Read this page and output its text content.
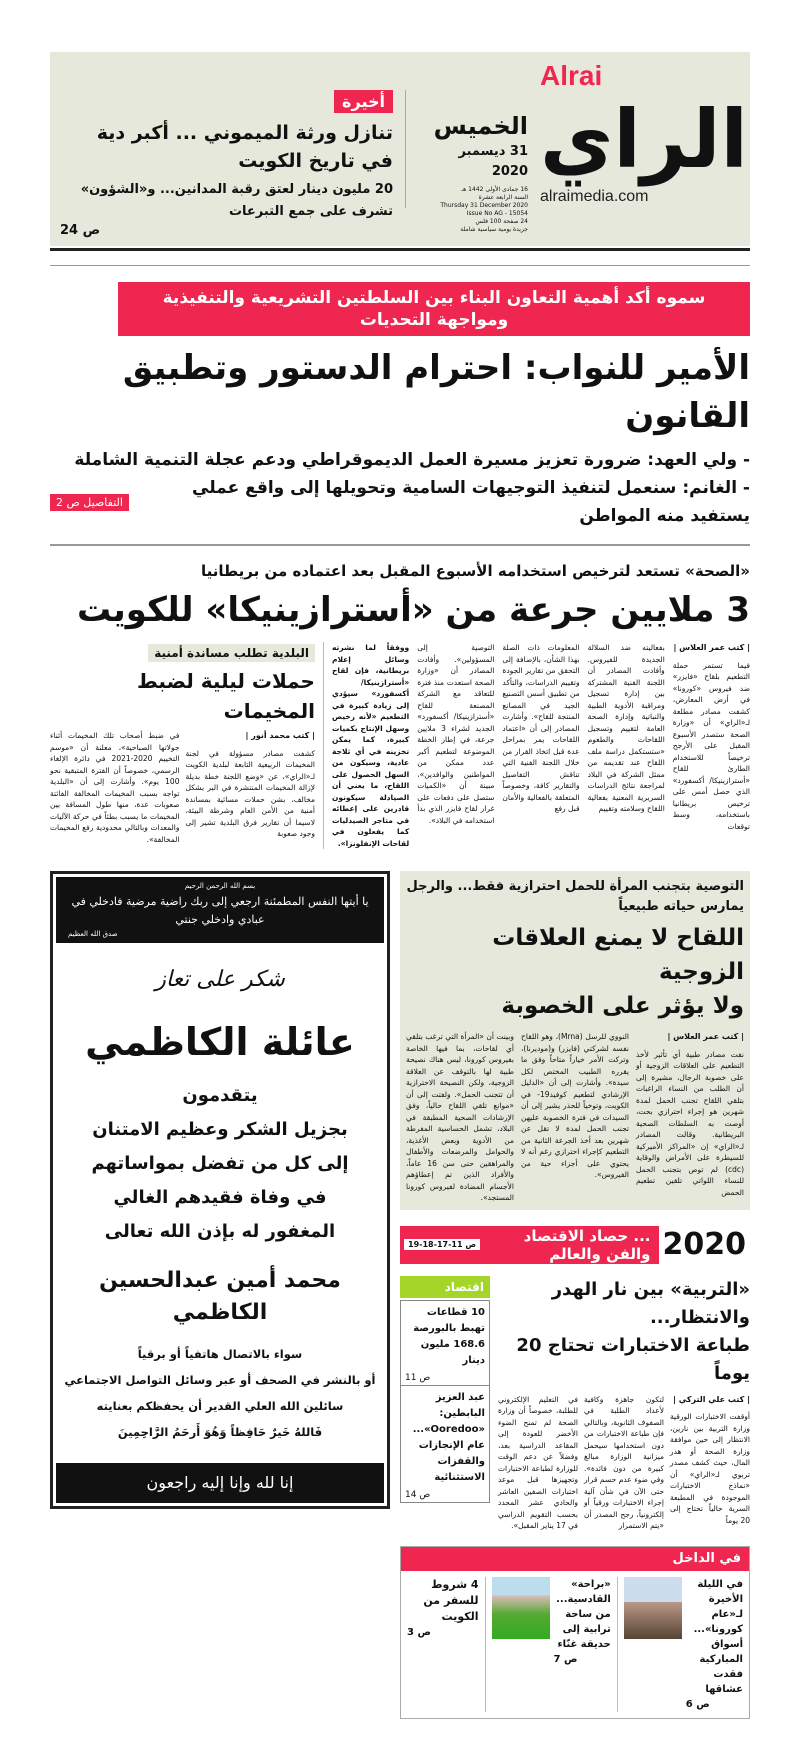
Alrai
الراي
alraimedia.com
الخميس
31 ديسمبر 2020
16 جمادى الأولى 1442 هـ
السنة الرابعة عشرة
Thursday 31 December 2020
Issue No AG - 15054
24 صفحة 100 فلس
جريدة يومية سياسية شاملة
أخيرة
تنازل ورثة الميموني ... أكبر دية في تاريخ الكويت
20 مليون دينار لعتق رقبة المدانين... و«الشؤون» تشرف على جمع التبرعات
ص 24
سموه أكد أهمية التعاون البناء بين السلطتين التشريعية والتنفيذية ومواجهة التحديات
الأمير للنواب: احترام الدستور وتطبيق القانون
- ولي العهد: ضرورة تعزيز مسيرة العمل الديموقراطي ودعم عجلة التنمية الشاملة
- الغانم: سنعمل لتنفيذ التوجيهات السامية وتحويلها إلى واقع عملي يستفيد منه المواطن
التفاصيل ص 2
«الصحة» تستعد لترخيص استخدامه الأسبوع المقبل بعد اعتماده من بريطانيا
3 ملايين جرعة من «أسترازينيكا» للكويت
| كتب عمر العلاس |
فيما تستمر حملة التطعيم بلقاح «فايزر» ضد فيروس «كورونا» في أرض المعارض، كشفت مصادر مطلعة لـ«الراي» أن «وزارة الصحة ستصدر الأسبوع المقبل على الأرجح ترخيصاً للاستخدام الطارئ للقاح «أسترازينيكا/ أكسفورد» الذي حصل أمس على ترخيص بريطانيا باستخدامه، وسط توقعات
بفعاليته ضد السلالة الجديدة للفيروس. وأفادت المصادر أن اللجنة الفنية المشتركة بين إدارة تسجيل ومراقبة الأدوية الطبية والنباتية وإدارة الصحة العامة لتقييم وتسجيل اللقاحات والطعوم «ستستكمل دراسة ملف اللقاح عند تقديمه من ممثل الشركة في البلاد لمراجعة نتائج الدراسات السريرية المعنية بفعالية اللقاح وسلامته وتقييم
المعلومات ذات الصلة بهذا الشأن، بالإضافة إلى التحقق من تقارير الجودة وتقييم الدراسات، والتأكد من تطبيق أسس التصنيع الجيد في المصانع المنتجة للقاح». وأشارت المصادر إلى أن «اعتماد اللقاحات يمر بمراحل عدة قبل اتخاذ القرار من خلال اللجنة الفنية التي تناقش التفاصيل والتقارير كافة، وخصوصاً المتعلقة بالفعالية والأمان قبل رفع
التوصية إلى المسؤولين». وأفادت المصادر أن «وزارة الصحة استعدت منذ فترة للتعاقد مع الشركة المصنعة للقاح «أسترازينيكا/ أكسفورد» الجديد لشراء 3 ملايين جرعة، في إطار الخطة الموضوعة لتطعيم أكبر عدد ممكن من المواطنين والوافدين»، مبينة أن «الكميات ستصل على دفعات على غرار لقاح فايزر الذي بدأ استخدامه في البلاد».
ووفقاً لما نشرته وسائل إعلام بريطانية، فإن لقاح «أسترازينيكا/ أكسفورد» سيؤدي إلى زيادة كبيرة في التطعيم «لأنه رخيص وسهل الإنتاج بكميات كبيرة، كما يمكن تخزينه في أي ثلاجة عادية، وسيكون من السهل الحصول على اللقاح، ما يعني أن الصيادلة سيكونون قادرين على إعطائه في متاجر الصيدليات كما يفعلون في لقاحات الإنفلونزا».
البلدية تطلب مساندة أمنية
حملات ليلية لضبط المخيمات
| كتب محمد أنور |
كشفت مصادر مسؤولة في لجنة المخيمات الربيعية التابعة لبلدية الكويت لـ«الراي»، عن «وضع اللجنة خطة بديلة لإزالة المخيمات المنتشرة في البر بشكل مخالف، بشن حملات مسائية بمساندة أمنية من الأمن العام وشرطة البيئة، لاسيما أن تقارير فرق البلدية تشير إلى وجود صعوبة
في ضبط أصحاب تلك المخيمات أثناء جولاتها الصباحية»، معلنة أن «موسم التخييم 2020-2021 في دائرة الإلغاء الرسمي، خصوصاً أن الفترة المتبقية نحو 100 يوم». وأشارت إلى أن «البلدية تواجه بسبب المخيمات المخالفة الفائتة صعوبات عدة، منها طول المسافة بين المخيمات ما يسبب بطئاً في حركة الآليات والمعدات وبالتالي محدودية رفع المخيمات المخالفة».
التوصية بتجنب المرأة للحمل احترازية فقط... والرجل يمارس حياته طبيعياً
اللقاح لا يمنع العلاقات الزوجية
ولا يؤثر على الخصوبة
| كتب عمر العلاس |
نفت مصادر طبية أي تأثير لأخذ التطعيم على العلاقات الزوجية أو على خصوبة الرجال، مشيرة إلى أن الطلب من النساء الراغبات بتلقي اللقاح تجنب الحمل لمدة شهرين هو إجراء احترازي بحت، أوصت به السلطات الصحية البريطانية. وقالت المصادر لـ«الراي» إن «المراكز الأميركية للسيطرة على الأمراض والوقاية (cdc) لم توص بتجنب الحمل للنساء اللواتي تلقين تطعيم الحمض
النووي للرسل (Mrna)، وهو اللقاح نفسه لشركتي (فايزر) و(موديرنا)، وتركت الأمر خياراً متاحاً وفق ما يقرره الطبيب المختص لكل سيدة». وأشارت إلى أن «الدليل الإرشادي لتطعيم كوفيد19- في الكويت، وتوخياً للحذر يشير إلى أن السيدات في فترة الخصوبة عليهن تجنب الحمل لمدة لا تقل عن شهرين بعد أخذ الجرعة الثانية من التطعيم كإجراء احترازي رغم أنه لا يحتوي على أجزاء حية من الفيروس».
وبينت أن «المرأة التي ترغب بتلقي أي لقاحات، بما فيها الخاصة بفيروس كورونا، ليس هناك نصيحة طبية لها بالتوقف عن العلاقة الزوجية، ولكن النصيحة الاحترازية أن تتجنب الحمل». ولفتت إلى أن «موانع تلقي اللقاح حالياً، وفق الإرشادات الصحية المطبقة في البلاد، تشمل الحساسية المفرطة من الأدوية وبعض الأغذية، والحوامل والمرضعات والأطفال والمراهقين حتى سن 16 عاماً، والأفراد الذين تم إعطاؤهم الأجسام المضادة لفيروس كورونا المستجد».
2020
... حصاد الاقتصاد والفن والعالم
ص 11-17-18-19
«التربية» بين نار الهدر والانتظار...
طباعة الاختبارات تحتاج 20 يوماً
| كتب علي التركي |
أوقفت الاختبارات الورقية وزارة التربية بين نارين، الانتظار إلى حين موافقة وزارة الصحة أو هدر المال، حيث كشف مصدر تربوي لـ«الراي» أن «نماذج الاختبارات الموجودة في المطبعة السرية حالياً تحتاج إلى 20 يوماً
لتكون جاهزة وكافية لأعداد الطلبة في الصفوف الثانوية، وبالتالي فإن طباعة الاختبارات من دون استخدامها سيحمل ميزانية الوزارة مبالغ كبيرة من دون فائدة». وفي ضوء عدم حسم قرار حتى الآن في شأن آلية إجراء الاختبارات ورقياً أو إلكترونياً، رجح المصدر أن «يتم الاستمرار
في التعليم الإلكتروني للطلبة، خصوصاً أن وزارة الصحة لم تمنح الضوء الأخضر للعودة إلى المقاعد الدراسية بعد، وفضلاً عن دعم الوقت للوزارة لطباعة الاختبارات وتجهيزها قبل موعد اختبارات الصفين العاشر والحادي عشر المحدد بحسب التقويم الدراسي في 17 يناير المقبل».
اقتصاد
10 قطاعات تهبط بالبورصة 168.6 مليون دينار
ص 11
عبد العزيز البابطين: «Ooredoo»... عام الإنجازات والقفزات الاستثنائية
ص 14
في الداخل
في الليلة الأخيرة لـ«عام كورونا»... أسواق المباركية فقدت عشاقها
ص 6
«براحة» القادسية... من ساحة ترابية إلى حديقة غنّاء
ص 7
4 شروط للسفر من الكويت
ص 3
بسم الله الرحمن الرحيم
يا أيتها النفس المطمئنة ارجعي إلى ربك راضية مرضية فادخلي في عبادي وادخلي جنتي
صدق الله العظيم
شكر على تعاز
عائلة الكاظمي
يتقدمون
بجزيل الشكر وعظيم الامتنان
إلى كل من تفضل بمواساتهم
في وفاة فقيدهم الغالي
المغفور له بإذن الله تعالى
محمد أمين عبدالحسين الكاظمي
سواء بالاتصال هاتفياً أو برقياً
أو بالنشر في الصحف أو عبر وسائل التواصل الاجتماعي
سائلين الله العلي القدير أن يحفظكم بعنايته
فَاللهُ خَيرٌ حَافِظاً وَهُوَ أَرحَمُ الرَّاحِمِينَ
إنا لله وإنا إليه راجعون
